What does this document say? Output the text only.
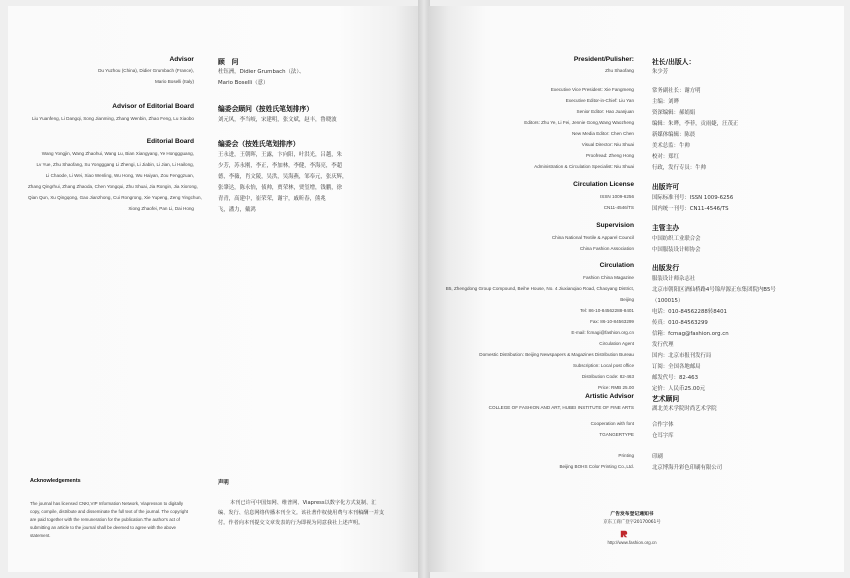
Advisor	顾　问
Du Yuzhou (China), Didier Grumbach (France),
Mario Boselli (Italy)
杜钰洲，Didier Grumbach（法）、
Mario Boselli（意）
Advisor of Editorial Board	编委会顾问（按姓氏笔划排序）
Liu Yuanfeng, Li Dangqi, Song Jianming, Zhang Wenbin, Zhao Feng, Lu Xiaobo	刘元风，李当岐，宋建明，张文斌，赵丰，鲁晓波
Editorial Board	编委会（按姓氏笔划排序）
Wang Yongjin, Wang Zhaohui, Wang Lu, Bian Xiangyang, Ye Honggguang,
Lv Yue, Zhu Shaofang, Su Yongggang Li Zhengi, Li Jiabin, Li Jian, Li Hailong,
Li Chaode, Li Wei, Xiao Wenling, Wu Hong, Wu Haiyan, Zou Fenggzuan,
Zhang Qingrhui, Zhang Zhaoda, Chen Yongqui, Zhu Shuai, Jia Rongin, Jia Xiorong,
Qian Qun, Xu Qingqong, Gao Jianzhong, Cui Rongrong, Xie Yupeng, Zeng Yingchun,
Xiong Zhaofei, Pan Li, Dai Hong
王永进，王朝晖，王露，卞向阳，叶洪光，吕越，朱
少芳，苏永刚，李正，李加林，李健，李海亮，李超
德，李薇，肖文陵，吴洪，吴海燕，邹奉元，张庆辉，
张肇达，陈永怡，侦帅，贾荣林，贾玺增，钱鹏，徐
青青，高建中，崔荣荣，谢宇，戚昕春，熊兆
飞，潘力，戴鸿
Acknowledgements	声明
The journal has licensed CNKI,VIP Information Network, Viapresson to digitally copy, compile, distribute and disseminate the full text of the journal. The copyright are paid together with the remuneration for the publication.The author's act of submitting an article to the journal shall be deemed to agree with the above statement.
本刊已许可中国知网、维普网、Viapress以数字化方式复制、汇编、发行、信息网络传播本刊全文。该社著作权使用费与本刊稿酬一并支付。作者向本刊提交文章发表的行为即视为同意我社上述声明。
President/Pulisher:
Zhu Shaofang
社长/出版人：
朱少芳
广告发布登记通知书
京东工商广登字20170061号
http://www.fashion.org.cn
Executive Vice President: Xie Fangmeng	常务副社长：谢方明
Executive Editor-in-Chief: Liu Yan	主编：刘晔
Senior Editor: Hao Juanjuan	资深编辑：郝娟娟
Editors: Zhu Ye, Li Fei, Jennie Gong,Wang Waozheng	编辑：朱晔，李菲，贡雨婕，汪茂正
New Media Editor: Chen Chen	新媒体编辑：陈晨
Visual Director: Niu Shuai	美术总监：牛帅
Proofread: Zheng Hong	校对：郑红
Administration & Circulation Specialist: Niu Shuai	行政，发行专员：牛帅
Circulation License	出版许可
ISSN 1009-6256	国际标准刊号：ISSN 1009-6256
CN11-4546/TS	国内统一刊号：CN11-4546/TS
Supervision	主管主办
China National Textile & Apparel Council	中国纺织工业联合会
China Fashion Association	中国服装设计师协会
Circulation	出版发行
Fashion China Magazine	服装设计师杂志社
B5, Zhengdong Group Compound, Beihe House, No. 4 Jiuxianqiao Road, Chaoyang District,	北京市朝阳区酒仙桥路4号锦岸源正东集团院内B5号
Beijing	（100015）
Tel: 86-10-84562288-8401	电话：010-84562288转8401
Fax: 86-10-84563299	传真：010-84563299
E-mail: fcmagi@fashion.org.cn	信箱：fcmag@fashion.org.cn
Circulation Agent	发行代理
Domestic Distribution: Beijing Newspapers & Magazines Distribution Bureau	国内：北京市报刊发行局
Subscription: Local post office	订阅：全国各地邮局
Distribution Code: 82-463	邮发代号：82-463
Price: RMB 25.00	定价：人民币25.00元
Artistic Advisor	艺术顾问
COLLEGE OF FASHION AND ART, HUBEI INSTITUTE OF FINE ARTS	湖北美术学院时尚艺术学院
Cooperation with font	合作字体
TGANGERTYPE	仓耳字库
Printing	印刷
Beijing BOHS Color Printing Co.,Ltd.	北京博海升彩色印刷有限公司
